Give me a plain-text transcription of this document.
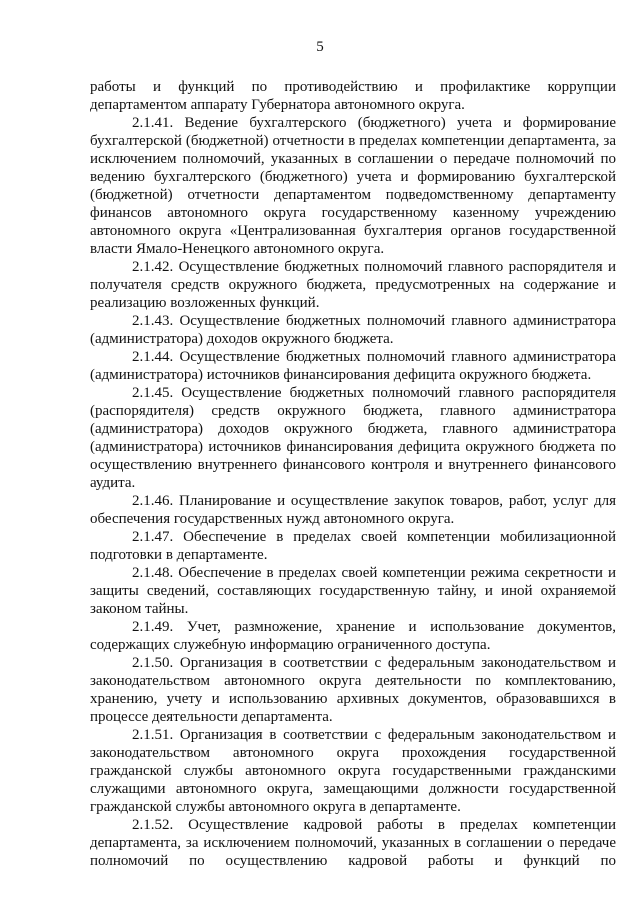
5

работы и функций по противодействию и профилактике коррупции департаментом аппарату Губернатора автономного округа.

2.1.41. Ведение бухгалтерского (бюджетного) учета и формирование бухгалтерской (бюджетной) отчетности в пределах компетенции департамента, за исключением полномочий, указанных в соглашении о передаче полномочий по ведению бухгалтерского (бюджетного) учета и формированию бухгалтерской (бюджетной) отчетности департаментом подведомственному департаменту финансов автономного округа государственному казенному учреждению автономного округа «Централизованная бухгалтерия органов государственной власти Ямало-Ненецкого автономного округа.

2.1.42. Осуществление бюджетных полномочий главного распорядителя и получателя средств окружного бюджета, предусмотренных на содержание и реализацию возложенных функций.

2.1.43. Осуществление бюджетных полномочий главного администратора (администратора) доходов окружного бюджета.

2.1.44. Осуществление бюджетных полномочий главного администратора (администратора) источников финансирования дефицита окружного бюджета.

2.1.45. Осуществление бюджетных полномочий главного распорядителя (распорядителя) средств окружного бюджета, главного администратора (администратора) доходов окружного бюджета, главного администратора (администратора) источников финансирования дефицита окружного бюджета по осуществлению внутреннего финансового контроля и внутреннего финансового аудита.

2.1.46. Планирование и осуществление закупок товаров, работ, услуг для обеспечения государственных нужд автономного округа.

2.1.47. Обеспечение в пределах своей компетенции мобилизационной подготовки в департаменте.

2.1.48. Обеспечение в пределах своей компетенции режима секретности и защиты сведений, составляющих государственную тайну, и иной охраняемой законом тайны.

2.1.49. Учет, размножение, хранение и использование документов, содержащих служебную информацию ограниченного доступа.

2.1.50. Организация в соответствии с федеральным законодательством и законодательством автономного округа деятельности по комплектованию, хранению, учету и использованию архивных документов, образовавшихся в процессе деятельности департамента.

2.1.51. Организация в соответствии с федеральным законодательством и законодательством автономного округа прохождения государственной гражданской службы автономного округа государственными гражданскими служащими автономного округа, замещающими должности государственной гражданской службы автономного округа в департаменте.

2.1.52. Осуществление кадровой работы в пределах компетенции департамента, за исключением полномочий, указанных в соглашении о передаче полномочий по осуществлению кадровой работы и функций по
